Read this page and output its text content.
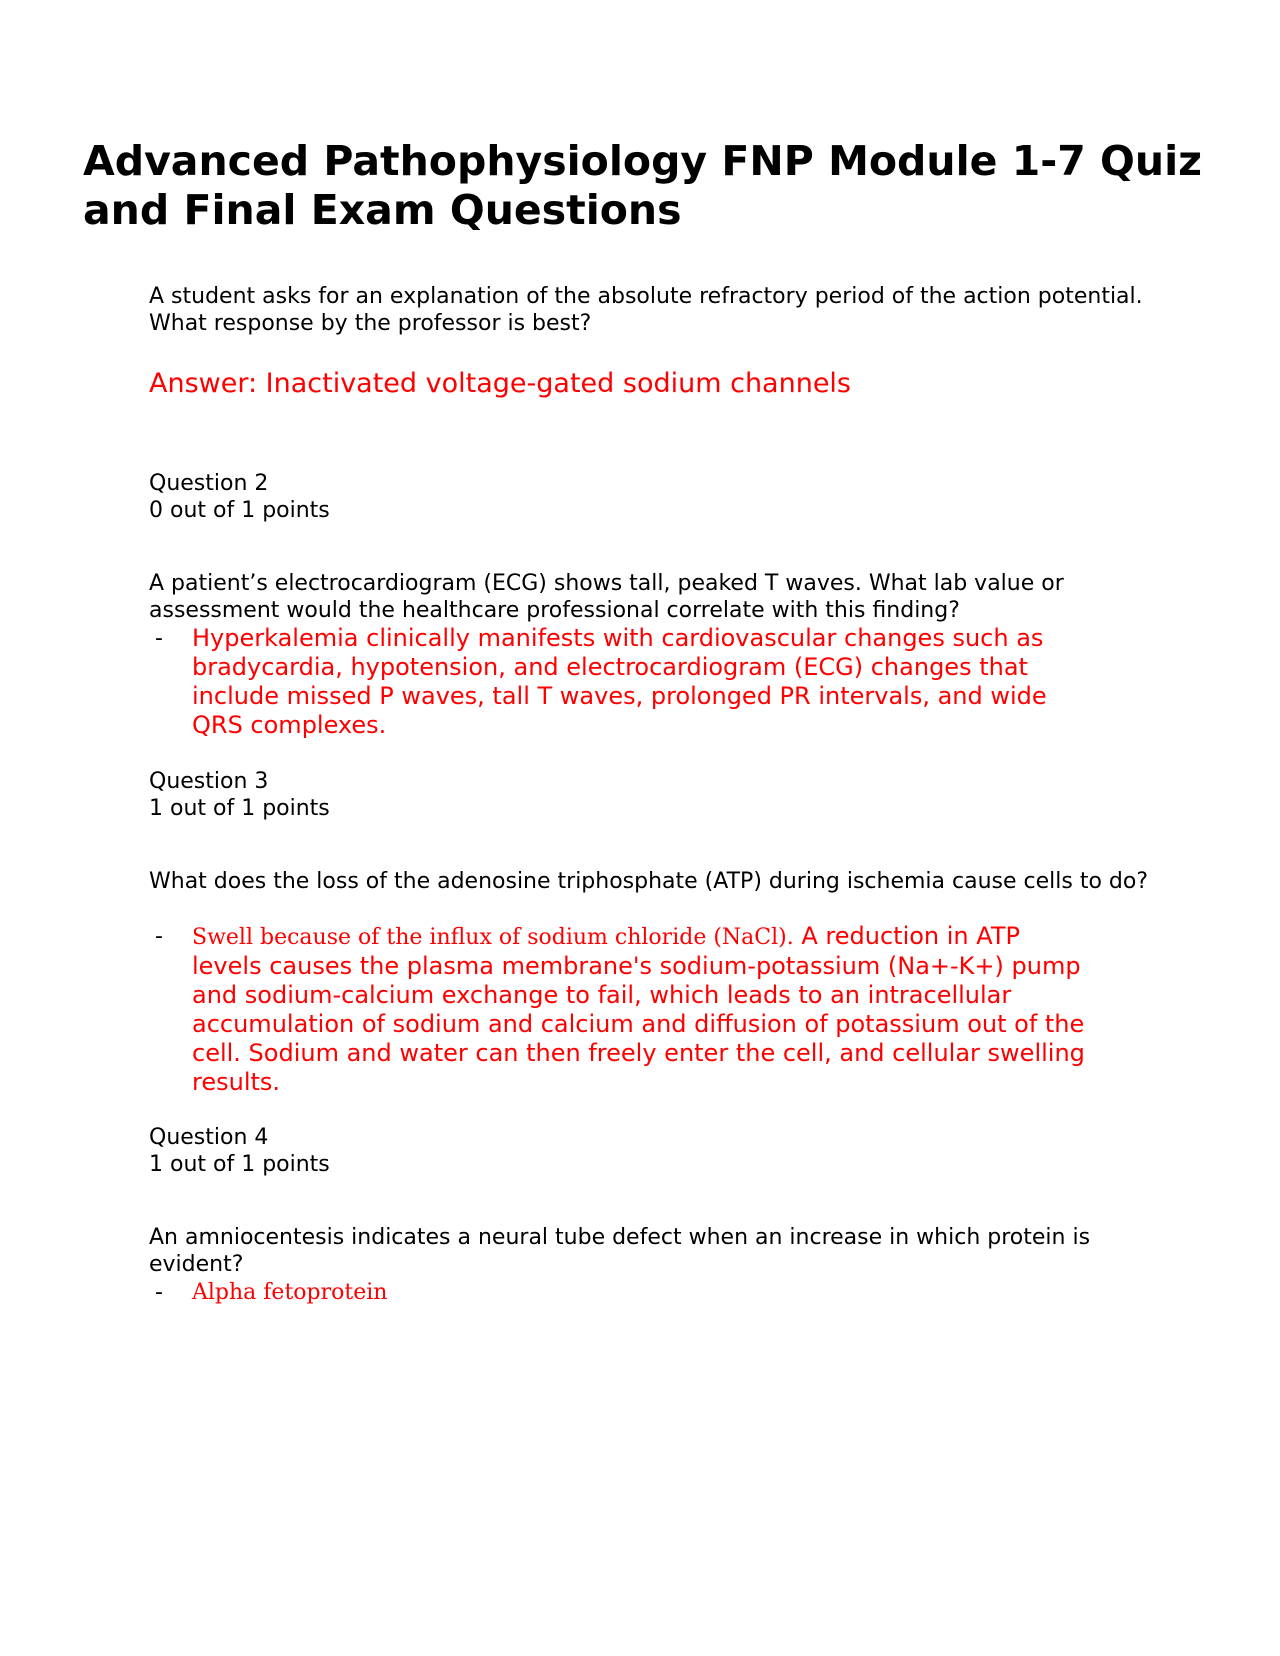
Advanced Pathophysiology FNP Module 1-7 Quiz and Final Exam Questions

A student asks for an explanation of the absolute refractory period of the action potential. What response by the professor is best?

Answer: Inactivated voltage-gated sodium channels

Question 2

0 out of 1 points

A patient’s electrocardiogram (ECG) shows tall, peaked T waves. What lab value or assessment would the healthcare professional correlate with this finding?

- Hyperkalemia clinically manifests with cardiovascular changes such as bradycardia, hypotension, and electrocardiogram (ECG) changes that include missed P waves, tall T waves, prolonged PR intervals, and wide QRS complexes.

Question 3

1 out of 1 points

What does the loss of the adenosine triphosphate (ATP) during ischemia cause cells to do?

- Swell because of the influx of sodium chloride (NaCl). A reduction in ATP levels causes the plasma membrane's sodium-potassium (Na+-K+) pump and sodium-calcium exchange to fail, which leads to an intracellular accumulation of sodium and calcium and diffusion of potassium out of the cell. Sodium and water can then freely enter the cell, and cellular swelling results.

Question 4

1 out of 1 points

An amniocentesis indicates a neural tube defect when an increase in which protein is evident?

- Alpha fetoprotein
